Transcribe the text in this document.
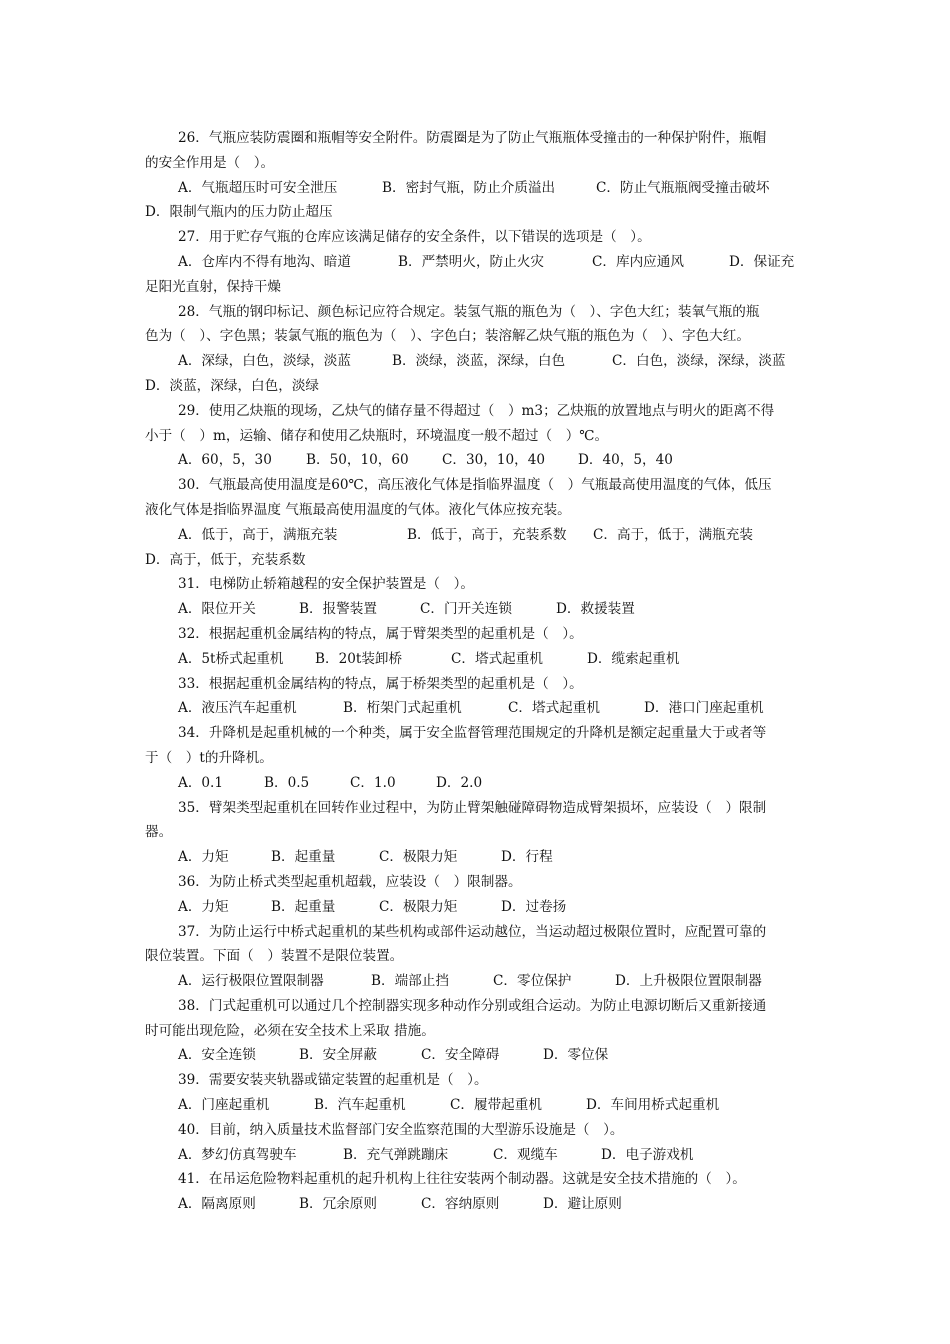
26．气瓶应装防震圈和瓶帽等安全附件。防震圈是为了防止气瓶瓶体受撞击的一种保护附件，瓶帽
的安全作用是（　）。
A．气瓶超压时可安全泄压	B．密封气瓶，防止介质溢出	C．防止气瓶瓶阀受撞击破坏
D．限制气瓶内的压力防止超压
27．用于贮存气瓶的仓库应该满足储存的安全条件，以下错误的选项是（　）。
A．仓库内不得有地沟、暗道	B．严禁明火，防止火灾	C．库内应通风	D．保证充
足阳光直射，保持干燥
28．气瓶的钢印标记、颜色标记应符合规定。装氢气瓶的瓶色为（　）、字色大红；装氧气瓶的瓶
色为（　）、字色黑；装氯气瓶的瓶色为（　）、字色白；装溶解乙炔气瓶的瓶色为（　）、字色大红。
A．深绿，白色，淡绿，淡蓝	B．淡绿，淡蓝，深绿，白色	C．白色，淡绿，深绿，淡蓝
D．淡蓝，深绿，白色，淡绿
29．使用乙炔瓶的现场，乙炔气的储存量不得超过（　）m3；乙炔瓶的放置地点与明火的距离不得
小于（　）m，运输、储存和使用乙炔瓶时，环境温度一般不超过（　）℃。
A．60，5，30	B．50，10，60 C．30，10，40 D．40，5，40
30．气瓶最高使用温度是60℃，高压液化气体是指临界温度（　）气瓶最高使用温度的气体，低压
液化气体是指临界温度 气瓶最高使用温度的气体。液化气体应按充装。
A．低于，高于，满瓶充装	B．低于，高于，充装系数 C．高于，低于，满瓶充装
D．高于，低于，充装系数
31．电梯防止轿箱越程的安全保护装置是（　）。
A．限位开关	B．报警装置	C．门开关连锁	D．救援装置
32．根据起重机金属结构的特点，属于臂架类型的起重机是（　）。
A．5t桥式起重机 B．20t装卸桥	C．塔式起重机	D．缆索起重机
33．根据起重机金属结构的特点，属于桥架类型的起重机是（　）。
A．液压汽车起重机	B．桁架门式起重机	C．塔式起重机	D．港口门座起重机
34．升降机是起重机械的一个种类，属于安全监督管理范围规定的升降机是额定起重量大于或者等
于（　）t的升降机。
A．0.1	B．0.5	C．1.0	D．2.0
35．臂架类型起重机在回转作业过程中，为防止臂架触碰障碍物造成臂架损坏，应装设（　）限制
器。
A．力矩	B．起重量	C．极限力矩	D．行程
36．为防止桥式类型起重机超载，应装设（　）限制器。
A．力矩	B．起重量	C．极限力矩	D．过卷扬
37．为防止运行中桥式起重机的某些机构或部件运动越位，当运动超过极限位置时，应配置可靠的
限位装置。下面（　）装置不是限位装置。
A．运行极限位置限制器	B．端部止挡	C．零位保护	D．上升极限位置限制器
38．门式起重机可以通过几个控制器实现多种动作分别或组合运动。为防止电源切断后又重新接通
时可能出现危险，必须在安全技术上采取 措施。
A．安全连锁	B．安全屏蔽	C．安全障碍	D．零位保
39．需要安装夹轨器或锚定装置的起重机是（　）。
A．门座起重机	B．汽车起重机	C．履带起重机	D．车间用桥式起重机
40．目前，纳入质量技术监督部门安全监察范围的大型游乐设施是（　）。
A．梦幻仿真驾驶车	B．充气弹跳蹦床	C．观缆车	D．电子游戏机
41．在吊运危险物料起重机的起升机构上往往安装两个制动器。这就是安全技术措施的（　）。
A．隔离原则	B．冗余原则	C．容纳原则	D．避让原则
